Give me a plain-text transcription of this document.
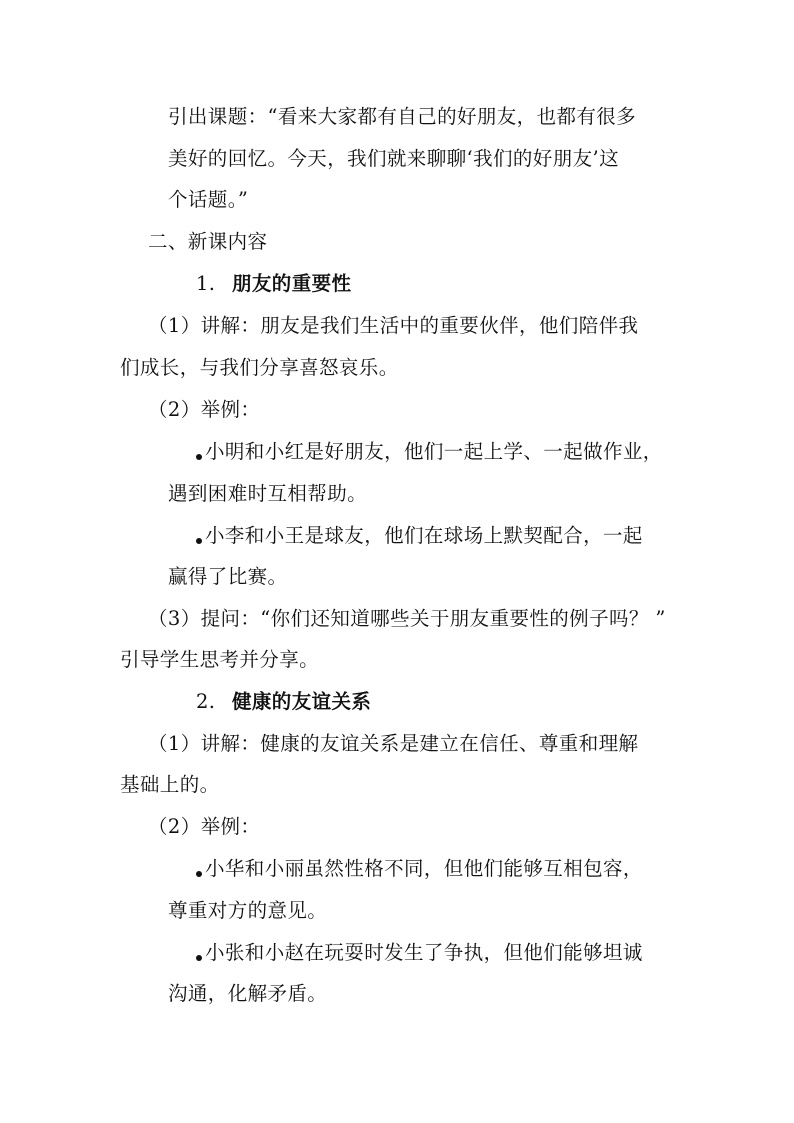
引出课题：“看来大家都有自己的好朋友，也都有很多
美好的回忆。今天，我们就来聊聊‘我们的好朋友’这
个话题。”
二、新课内容
1. 朋友的重要性
（1）讲解：朋友是我们生活中的重要伙伴，他们陪伴我
们成长，与我们分享喜怒哀乐。
（2）举例：
小明和小红是好朋友，他们一起上学、一起做作业，
遇到困难时互相帮助。
小李和小王是球友，他们在球场上默契配合，一起
赢得了比赛。
（3）提问：“你们还知道哪些关于朋友重要性的例子吗？ ”
引导学生思考并分享。
2. 健康的友谊关系
（1）讲解：健康的友谊关系是建立在信任、尊重和理解
基础上的。
（2）举例：
小华和小丽虽然性格不同，但他们能够互相包容，
尊重对方的意见。
小张和小赵在玩耍时发生了争执，但他们能够坦诚
沟通，化解矛盾。
